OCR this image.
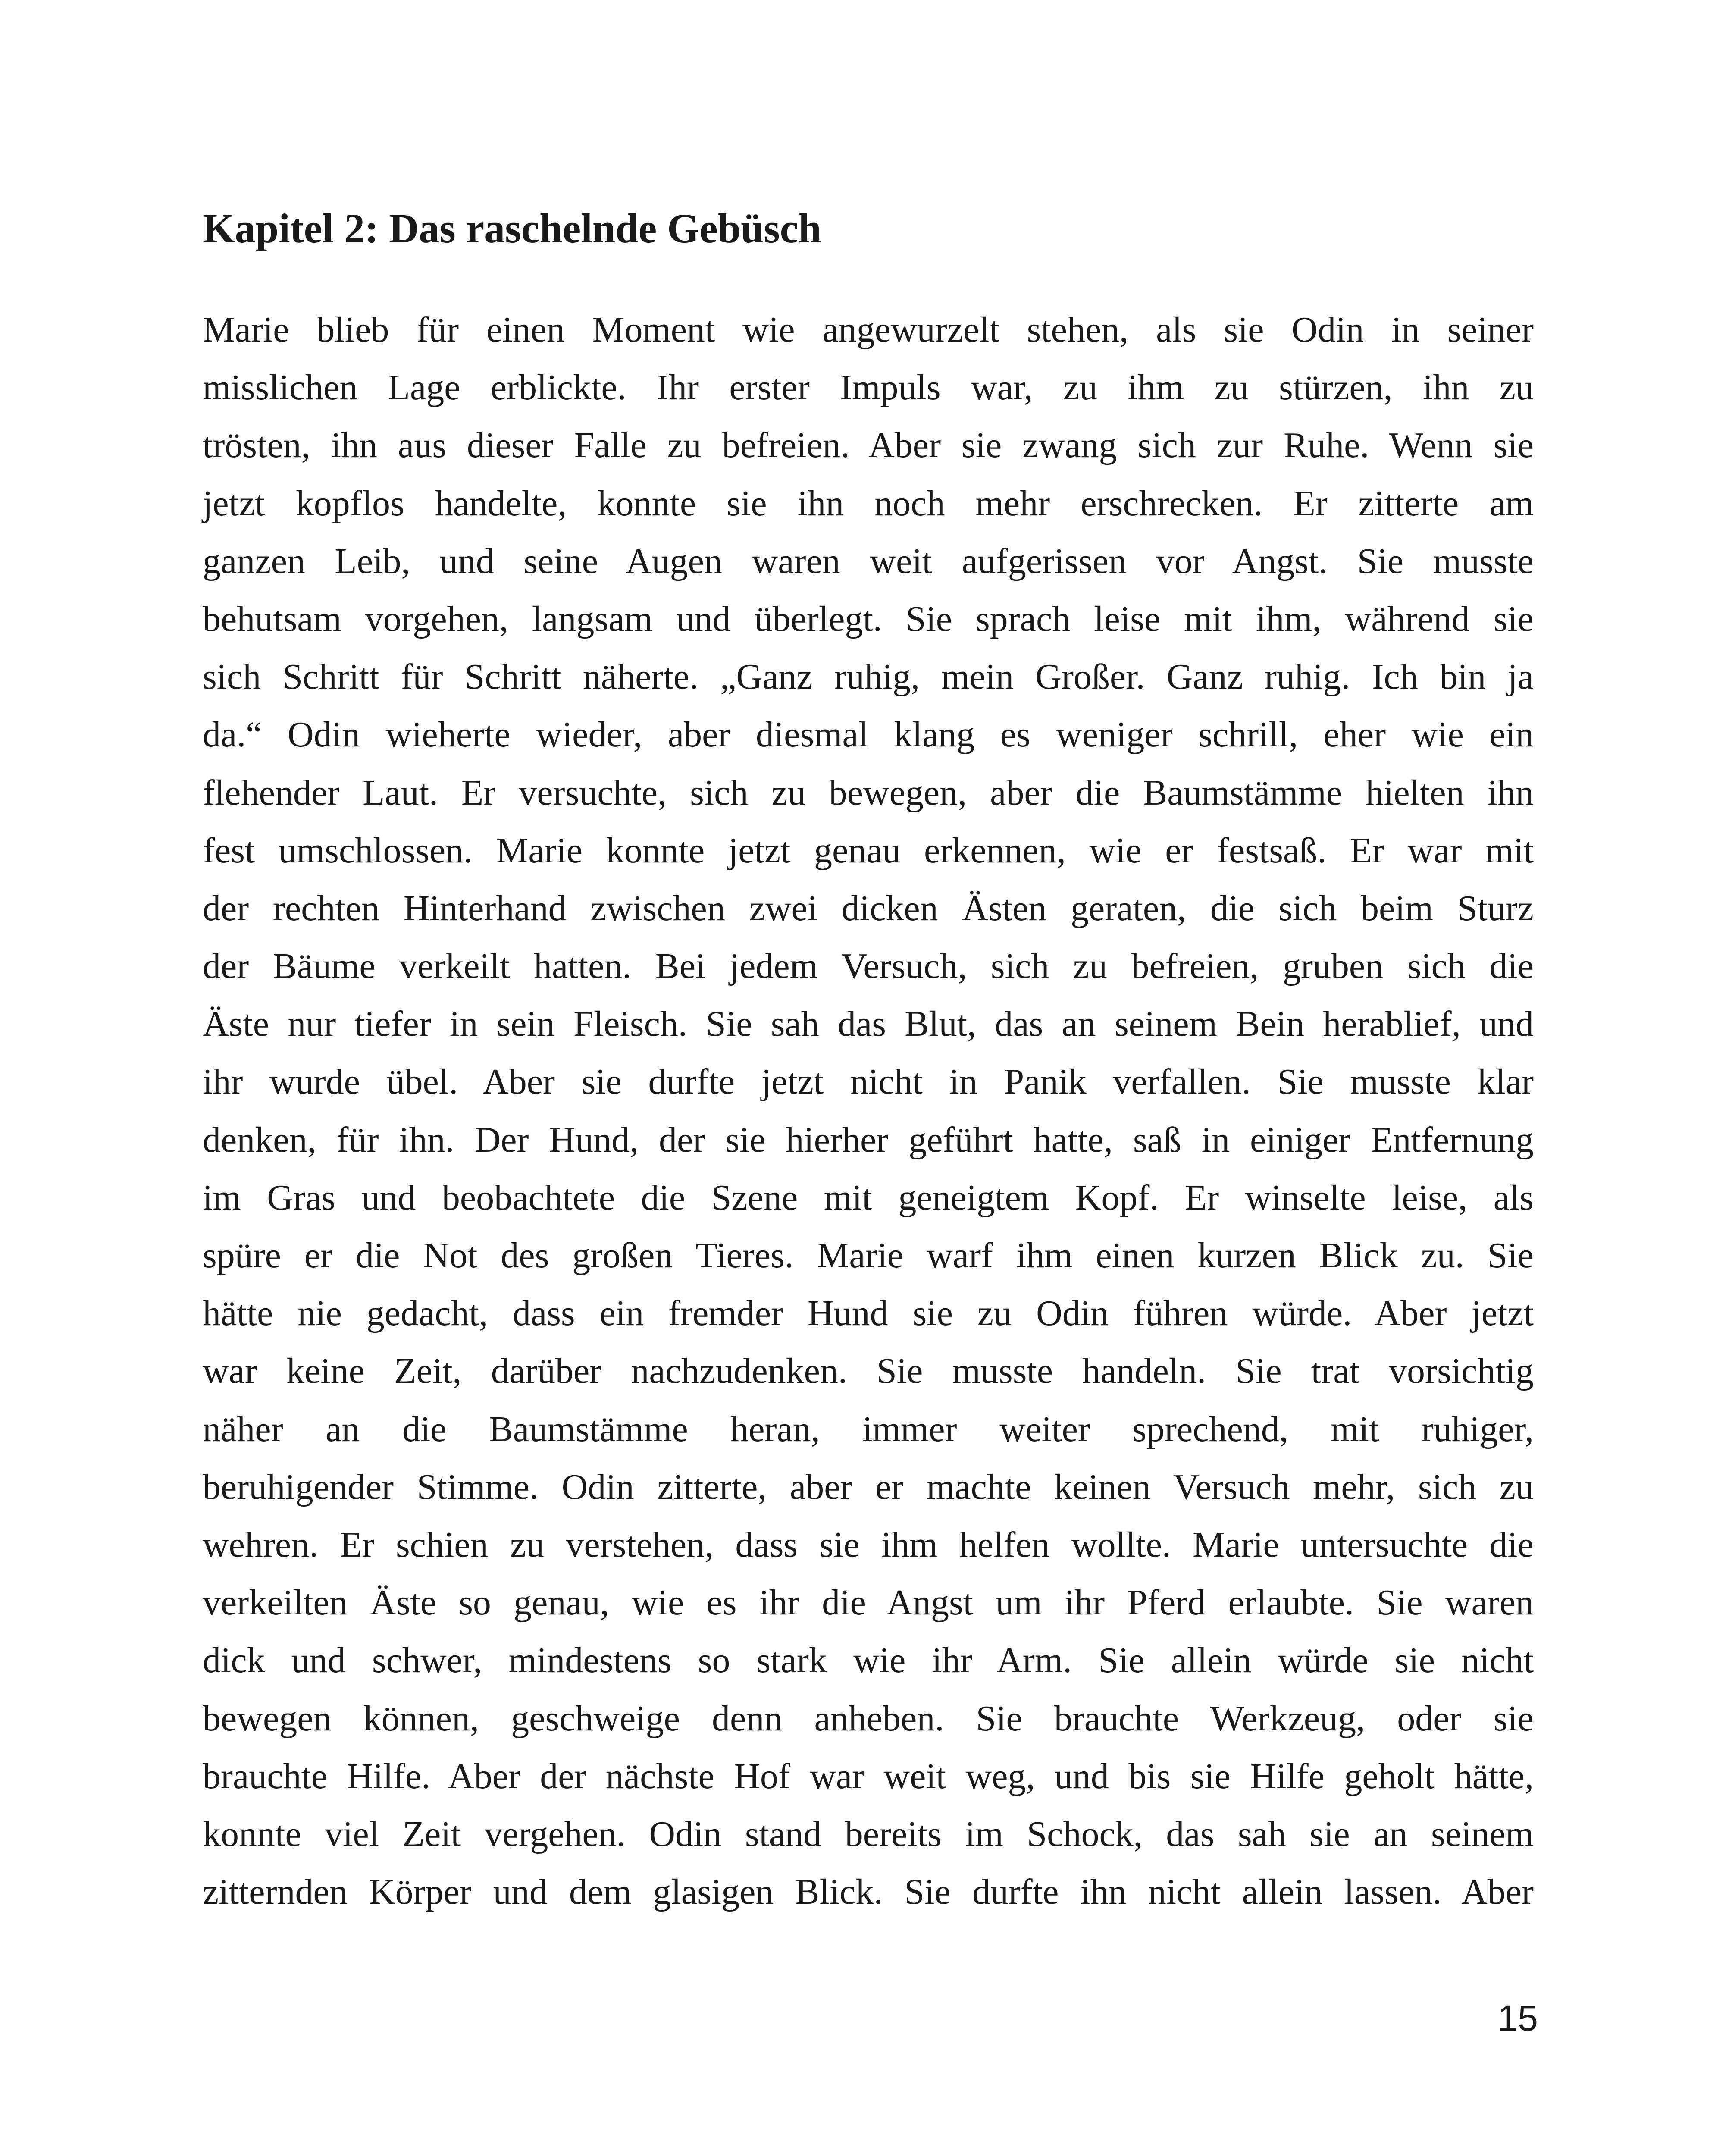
Kapitel 2: Das raschelnde Gebüsch
Marie blieb für einen Moment wie angewurzelt stehen, als sie Odin in seiner
misslichen Lage erblickte. Ihr erster Impuls war, zu ihm zu stürzen, ihn zu
trösten, ihn aus dieser Falle zu befreien. Aber sie zwang sich zur Ruhe. Wenn sie
jetzt kopflos handelte, konnte sie ihn noch mehr erschrecken. Er zitterte am
ganzen Leib, und seine Augen waren weit aufgerissen vor Angst. Sie musste
behutsam vorgehen, langsam und überlegt. Sie sprach leise mit ihm, während sie
sich Schritt für Schritt näherte. „Ganz ruhig, mein Großer. Ganz ruhig. Ich bin ja
da.“ Odin wieherte wieder, aber diesmal klang es weniger schrill, eher wie ein
flehender Laut. Er versuchte, sich zu bewegen, aber die Baumstämme hielten ihn
fest umschlossen. Marie konnte jetzt genau erkennen, wie er festsaß. Er war mit
der rechten Hinterhand zwischen zwei dicken Ästen geraten, die sich beim Sturz
der Bäume verkeilt hatten. Bei jedem Versuch, sich zu befreien, gruben sich die
Äste nur tiefer in sein Fleisch. Sie sah das Blut, das an seinem Bein herablief, und
ihr wurde übel. Aber sie durfte jetzt nicht in Panik verfallen. Sie musste klar
denken, für ihn. Der Hund, der sie hierher geführt hatte, saß in einiger Entfernung
im Gras und beobachtete die Szene mit geneigtem Kopf. Er winselte leise, als
spüre er die Not des großen Tieres. Marie warf ihm einen kurzen Blick zu. Sie
hätte nie gedacht, dass ein fremder Hund sie zu Odin führen würde. Aber jetzt
war keine Zeit, darüber nachzudenken. Sie musste handeln. Sie trat vorsichtig
näher an die Baumstämme heran, immer weiter sprechend, mit ruhiger,
beruhigender Stimme. Odin zitterte, aber er machte keinen Versuch mehr, sich zu
wehren. Er schien zu verstehen, dass sie ihm helfen wollte. Marie untersuchte die
verkeilten Äste so genau, wie es ihr die Angst um ihr Pferd erlaubte. Sie waren
dick und schwer, mindestens so stark wie ihr Arm. Sie allein würde sie nicht
bewegen können, geschweige denn anheben. Sie brauchte Werkzeug, oder sie
brauchte Hilfe. Aber der nächste Hof war weit weg, und bis sie Hilfe geholt hätte,
konnte viel Zeit vergehen. Odin stand bereits im Schock, das sah sie an seinem
zitternden Körper und dem glasigen Blick. Sie durfte ihn nicht allein lassen. Aber
15
